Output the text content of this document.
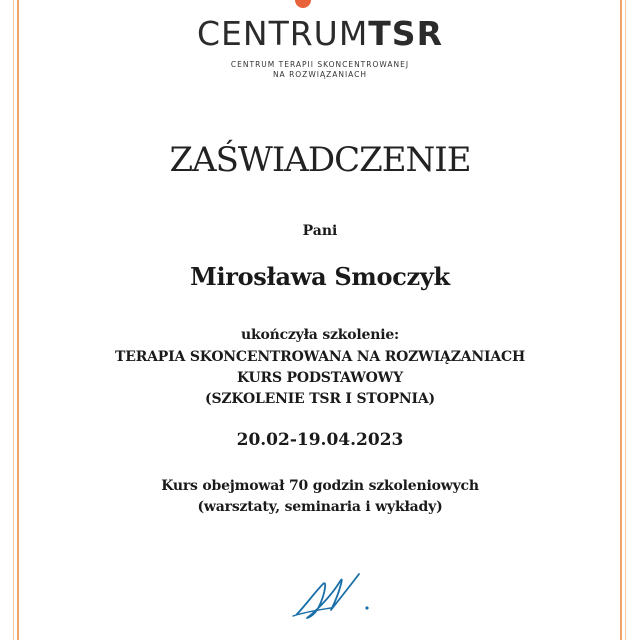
CENTRUMTSR
CENTRUM TERAPII SKONCENTROWANEJ
NA ROZWIĄZANIACH
ZAŚWIADCZENIE
Pani
Mirosława Smoczyk
ukończyła szkolenie:
TERAPIA SKONCENTROWANA NA ROZWIĄZANIACH
KURS PODSTAWOWY
(SZKOLENIE TSR I STOPNIA)
20.02-19.04.2023
Kurs obejmował 70 godzin szkoleniowych
(warsztaty, seminaria i wykłady)
